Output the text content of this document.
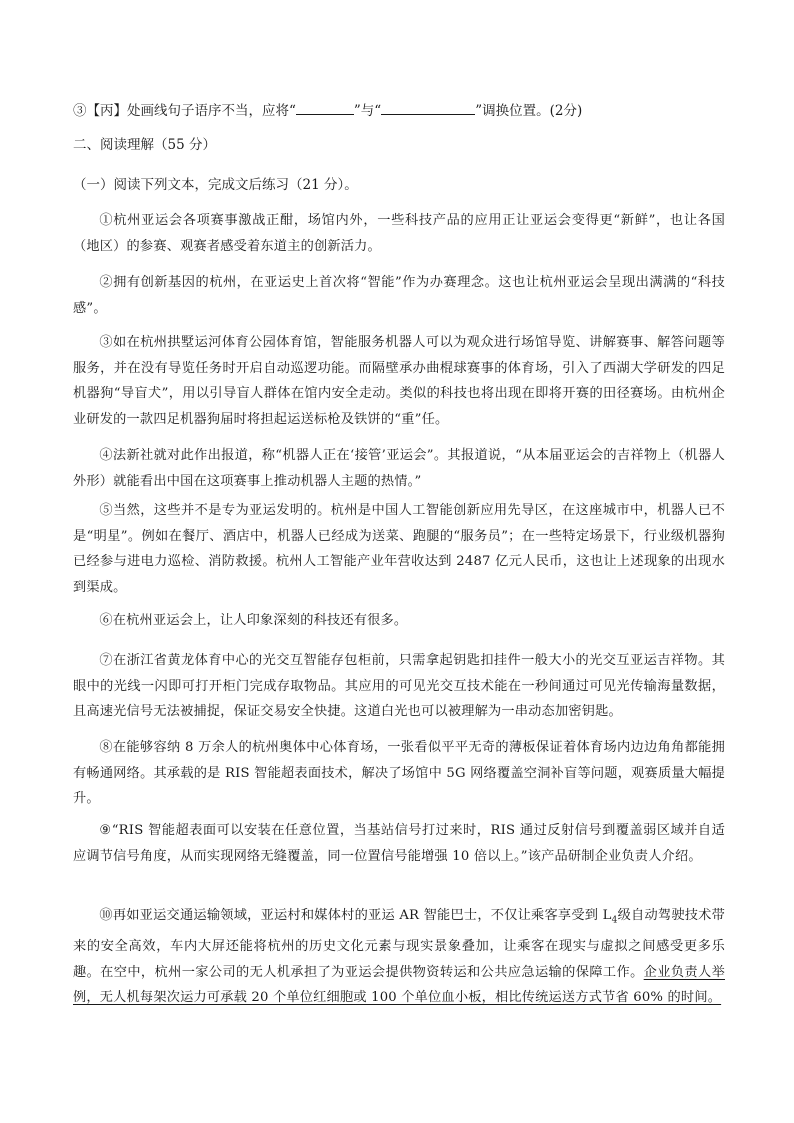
③【丙】处画线句子语序不当，应将“	”与“	”调换位置。(2分)
二、阅读理解（55 分）
（一）阅读下列文本，完成文后练习（21 分）。
①杭州亚运会各项赛事激战正酣，场馆内外，一些科技产品的应用正让亚运会变得更“新鲜”，也让各国（地区）的参赛、观赛者感受着东道主的创新活力。
②拥有创新基因的杭州，在亚运史上首次将“智能”作为办赛理念。这也让杭州亚运会呈现出满满的“科技感”。
③如在杭州拱墅运河体育公园体育馆，智能服务机器人可以为观众进行场馆导览、讲解赛事、解答问题等服务，并在没有导览任务时开启自动巡逻功能。而隔壁承办曲棍球赛事的体育场，引入了西湖大学研发的四足机器狗“导盲犬”，用以引导盲人群体在馆内安全走动。类似的科技也将出现在即将开赛的田径赛场。由杭州企业研发的一款四足机器狗届时将担起运送标枪及铁饼的“重”任。
④法新社就对此作出报道，称“机器人正在‘接管’亚运会”。其报道说，“从本届亚运会的吉祥物上（机器人外形）就能看出中国在这项赛事上推动机器人主题的热情。”
⑤当然，这些并不是专为亚运发明的。杭州是中国人工智能创新应用先导区，在这座城市中，机器人已不是“明星”。例如在餐厅、酒店中，机器人已经成为送菜、跑腿的“服务员”；在一些特定场景下，行业级机器狗已经参与进电力巡检、消防救援。杭州人工智能产业年营收达到 2487 亿元人民币，这也让上述现象的出现水到渠成。
⑥在杭州亚运会上，让人印象深刻的科技还有很多。
⑦在浙江省黄龙体育中心的光交互智能存包柜前，只需拿起钥匙扣挂件一般大小的光交互亚运吉祥物。其眼中的光线一闪即可打开柜门完成存取物品。其应用的可见光交互技术能在一秒间通过可见光传输海量数据，且高速光信号无法被捕捉，保证交易安全快捷。这道白光也可以被理解为一串动态加密钥匙。
⑧在能够容纳 8 万余人的杭州奥体中心体育场，一张看似平平无奇的薄板保证着体育场内边边角角都能拥有畅通网络。其承载的是 RIS 智能超表面技术，解决了场馆中 5G 网络覆盖空洞补盲等问题，观赛质量大幅提升。
⑨“RIS 智能超表面可以安装在任意位置，当基站信号打过来时，RIS 通过反射信号到覆盖弱区域并自适应调节信号角度，从而实现网络无缝覆盖，同一位置信号能增强 10 倍以上。”该产品研制企业负责人介绍。
⑩再如亚运交通运输领域，亚运村和媒体村的亚运 AR 智能巴士，不仅让乘客享受到 $L_4$级自动驾驶技术带来的安全高效，车内大屏还能将杭州的历史文化元素与现实景象叠加，让乘客在现实与虚拟之间感受更多乐趣。在空中，杭州一家公司的无人机承担了为亚运会提供物资转运和公共应急运输的保障工作。企业负责人举例，无人机每架次运力可承载 20 个单位红细胞或 100 个单位血小板，相比传统运送方式节省 60% 的时间。
